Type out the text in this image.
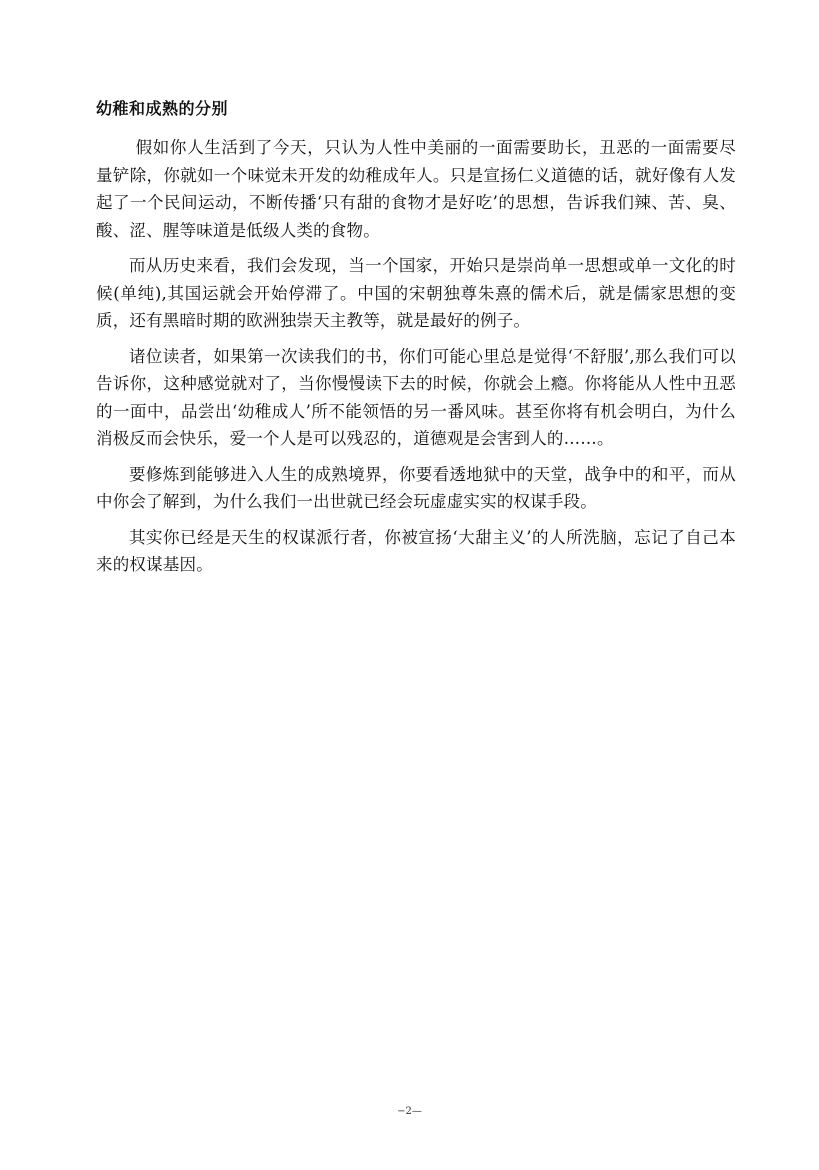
幼稚和成熟的分别

假如你人生活到了今天，只认为人性中美丽的一面需要助长，丑恶的一面需要尽量铲除，你就如一个味觉未开发的幼稚成年人。只是宣扬仁义道德的话，就好像有人发起了一个民间运动，不断传播‘只有甜的食物才是好吃’的思想，告诉我们辣、苦、臭、酸、涩、腥等味道是低级人类的食物。

而从历史来看，我们会发现，当一个国家，开始只是崇尚单一思想或单一文化的时候(单纯),其国运就会开始停滞了。中国的宋朝独尊朱熹的儒术后，就是儒家思想的变质，还有黑暗时期的欧洲独崇天主教等，就是最好的例子。

诸位读者，如果第一次读我们的书，你们可能心里总是觉得‘不舒服’,那么我们可以告诉你，这种感觉就对了，当你慢慢读下去的时候，你就会上瘾。你将能从人性中丑恶的一面中，品尝出‘幼稚成人’所不能领悟的另一番风味。甚至你将有机会明白，为什么消极反而会快乐，爱一个人是可以残忍的，道德观是会害到人的……。

要修炼到能够进入人生的成熟境界，你要看透地狱中的天堂，战争中的和平，而从中你会了解到，为什么我们一出世就已经会玩虚虚实实的权谋手段。

其实你已经是天生的权谋派行者，你被宣扬‘大甜主义’的人所洗脑，忘记了自己本来的权谋基因。

−2—
